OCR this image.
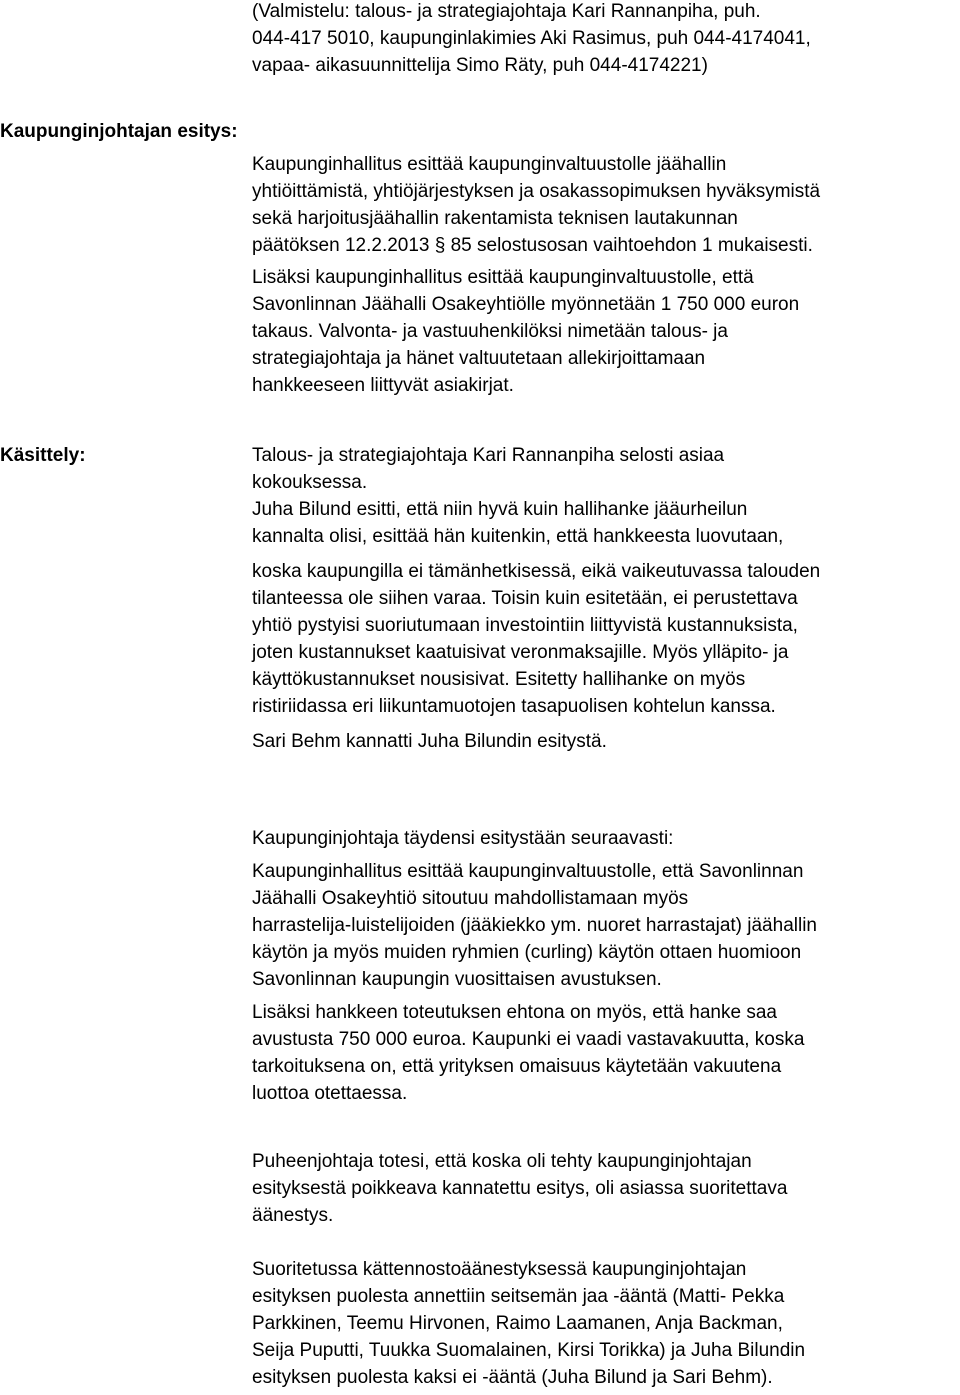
(Valmistelu: talous- ja strategiajohtaja Kari Rannanpiha, puh.
044-417 5010, kaupunginlakimies Aki Rasimus, puh 044-4174041,
vapaa- aikasuunnittelija Simo Räty, puh 044-4174221)

Kaupunginjohtajan esitys:

Kaupunginhallitus esittää kaupunginvaltuustolle jäähallin
yhtiöittämistä, yhtiöjärjestyksen ja osakassopimuksen hyväksymistä
sekä harjoitusjäähallin rakentamista teknisen lautakunnan
päätöksen 12.2.2013 § 85 selostusosan vaihtoehdon 1 mukaisesti.

Lisäksi kaupunginhallitus esittää kaupunginvaltuustolle, että
Savonlinnan Jäähalli Osakeyhtiölle myönnetään 1 750 000 euron
takaus. Valvonta- ja vastuuhenkilöksi nimetään talous- ja
strategiajohtaja ja hänet valtuutetaan allekirjoittamaan
hankkeeseen liittyvät asiakirjat.

Käsittely:	Talous- ja strategiajohtaja Kari Rannanpiha selosti asiaa
kokouksessa.

Juha Bilund esitti, että niin hyvä kuin hallihanke jääurheilun
kannalta olisi, esittää hän kuitenkin, että hankkeesta luovutaan,

koska kaupungilla ei tämänhetkisessä, eikä vaikeutuvassa talouden
tilanteessa ole siihen varaa. Toisin kuin esitetään, ei perustettava
yhtiö pystyisi suoriutumaan investointiin liittyvistä kustannuksista,
joten kustannukset kaatuisivat veronmaksajille. Myös ylläpito- ja
käyttökustannukset nousisivat. Esitetty hallihanke on myös
ristiriidassa eri liikuntamuotojen tasapuolisen kohtelun kanssa.

Sari Behm kannatti Juha Bilundin esitystä.

Kaupunginjohtaja täydensi esitystään seuraavasti:

Kaupunginhallitus esittää kaupunginvaltuustolle, että Savonlinnan
Jäähalli Osakeyhtiö sitoutuu mahdollistamaan myös
harrastelija-luistelijoiden (jääkiekko ym. nuoret harrastajat) jäähallin
käytön ja myös muiden ryhmien (curling) käytön ottaen huomioon
Savonlinnan kaupungin vuosittaisen avustuksen.

Lisäksi hankkeen toteutuksen ehtona on myös, että hanke saa
avustusta 750 000 euroa. Kaupunki ei vaadi vastavakuutta, koska
tarkoituksena on, että yrityksen omaisuus käytetään vakuutena
luottoa otettaessa.

Puheenjohtaja totesi, että koska oli tehty kaupunginjohtajan
esityksestä poikkeava kannatettu esitys, oli asiassa suoritettava
äänestys.

Suoritetussa kättennostoäänestyksessä kaupunginjohtajan
esityksen puolesta annettiin seitsemän jaa -ääntä (Matti- Pekka
Parkkinen, Teemu Hirvonen, Raimo Laamanen, Anja Backman,
Seija Puputti, Tuukka Suomalainen, Kirsi Torikka) ja Juha Bilundin
esityksen puolesta kaksi ei -ääntä (Juha Bilund ja Sari Behm).
